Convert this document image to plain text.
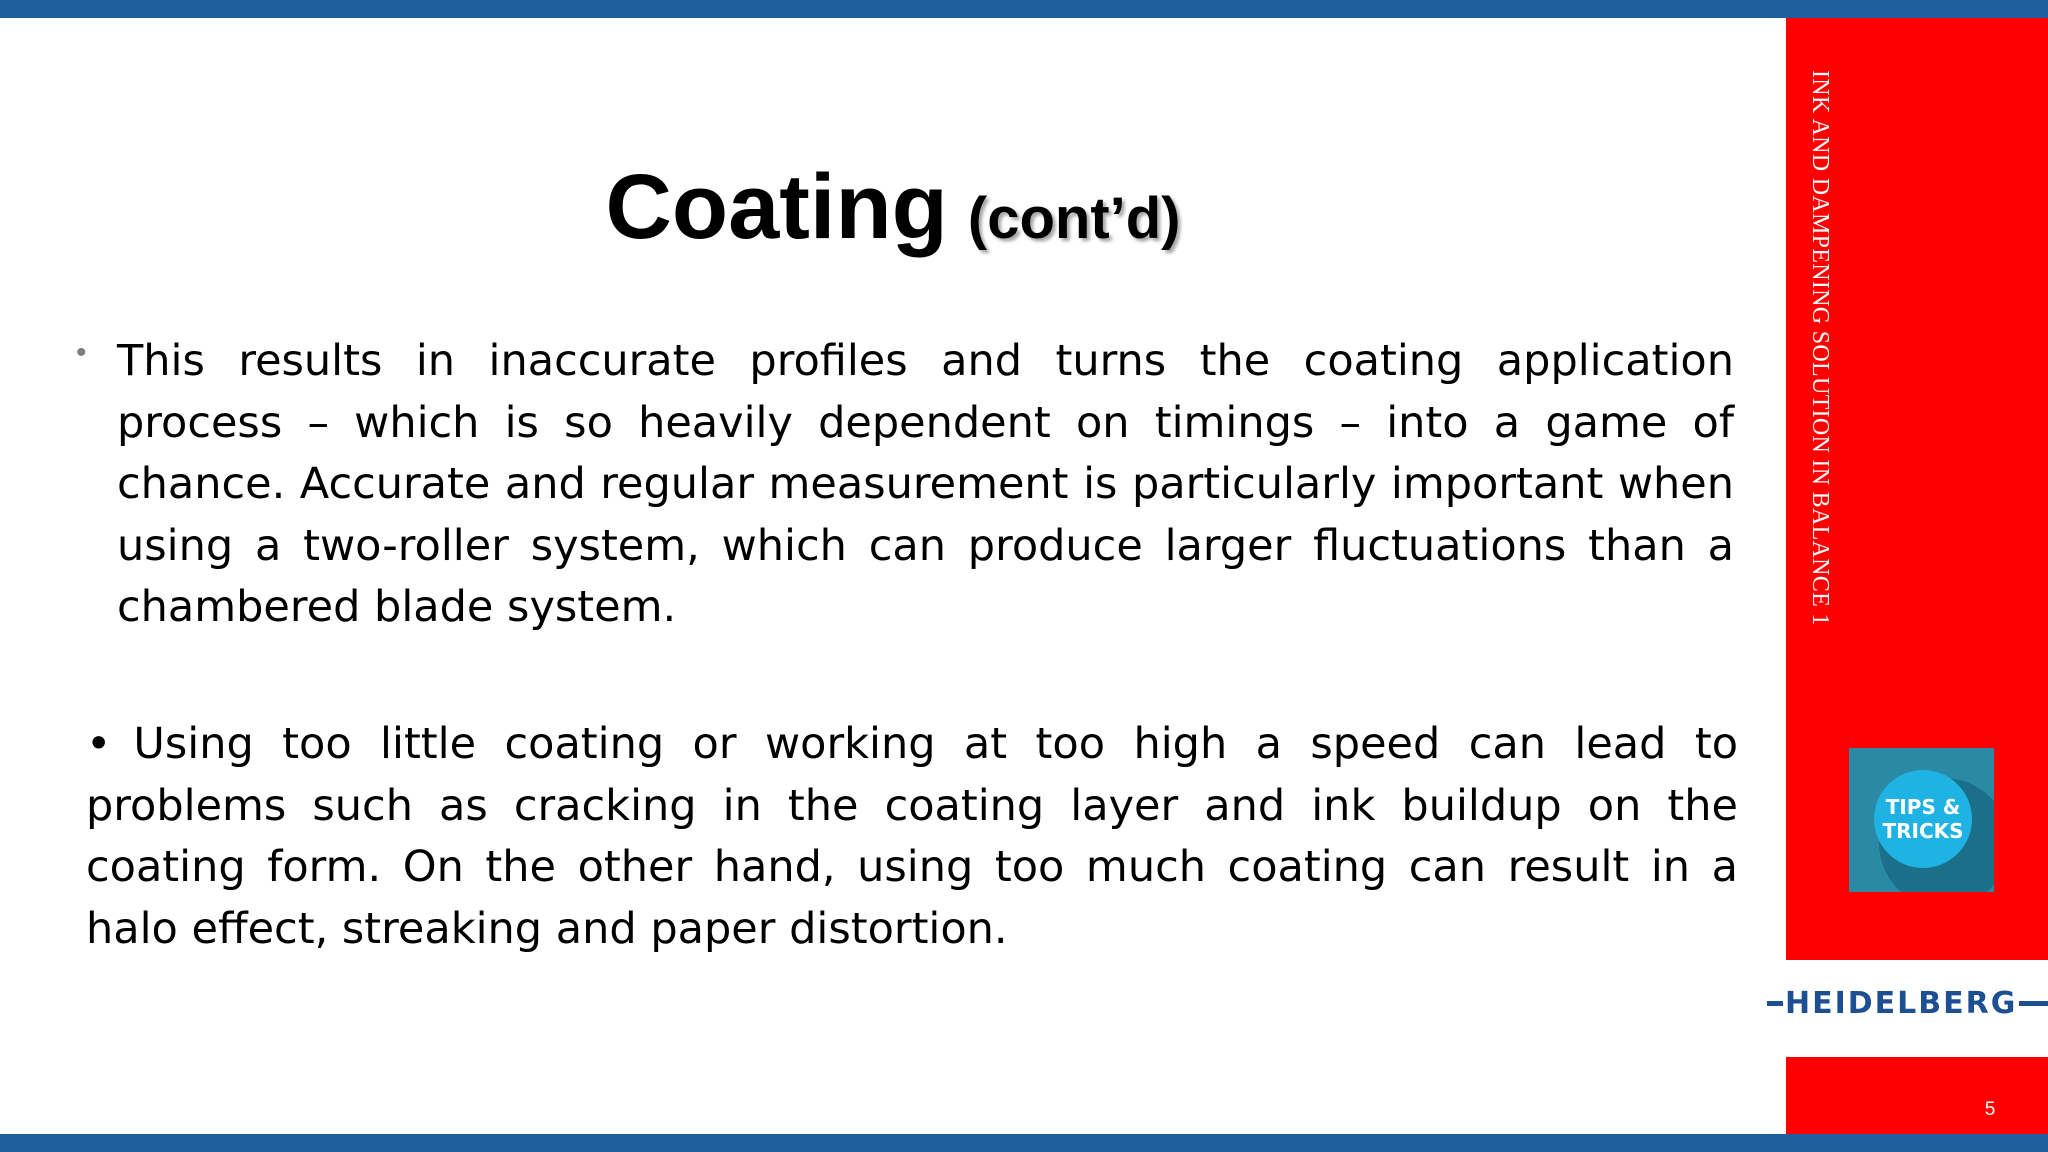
INK AND DAMPENING SOLUTION IN BALANCE 1
TIPS &
TRICKS
HEIDELBERG
5
Coating (cont’d)
• This results in inaccurate profiles and turns the coating application process – which is so heavily dependent on timings – into a game of chance. Accurate and regular measurement is particularly important when using a two-roller system, which can produce larger fluctuations than a chambered blade system.
• Using too little coating or working at too high a speed can lead to problems such as cracking in the coating layer and ink buildup on the coating form. On the other hand, using too much coating can result in a halo effect, streaking and paper distortion.
